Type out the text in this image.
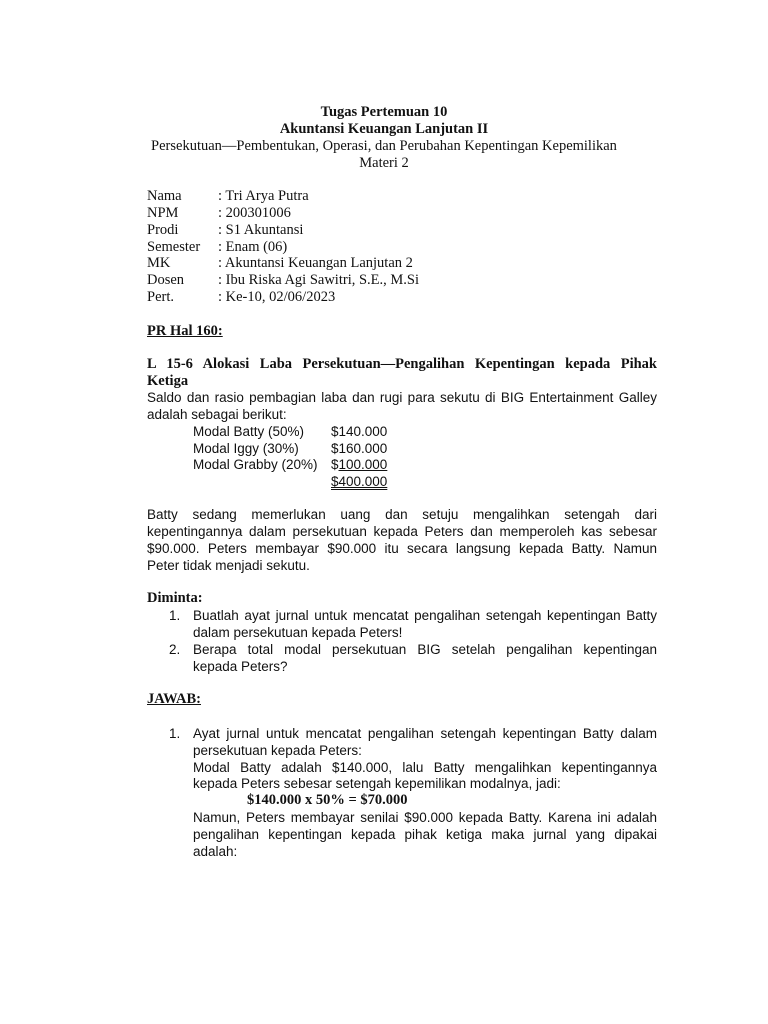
Tugas Pertemuan 10
Akuntansi Keuangan Lanjutan II
Persekutuan—Pembentukan, Operasi, dan Perubahan Kepentingan Kepemilikan
Materi 2
Nama	: Tri Arya Putra
NPM	: 200301006
Prodi	: S1 Akuntansi
Semester : Enam (06)
MK	: Akuntansi Keuangan Lanjutan 2
Dosen : Ibu Riska Agi Sawitri, S.E., M.Si
Pert.	: Ke-10, 02/06/2023
PR Hal 160:
L 15-6 Alokasi Laba Persekutuan—Pengalihan Kepentingan kepada Pihak
Ketiga
Saldo dan rasio pembagian laba dan rugi para sekutu di BIG Entertainment Galley
adalah sebagai berikut:
Modal Batty (50%) $140.000
Modal Iggy (30%) $160.000
Modal Grabby (20%) $100.000
$400.000
Batty sedang memerlukan uang dan setuju mengalihkan setengah dari
kepentingannya dalam persekutuan kepada Peters dan memperoleh kas sebesar
$90.000. Peters membayar $90.000 itu secara langsung kepada Batty. Namun
Peter tidak menjadi sekutu.
Diminta:
1. Buatlah ayat jurnal untuk mencatat pengalihan setengah kepentingan Batty
dalam persekutuan kepada Peters!
2. Berapa total modal persekutuan BIG setelah pengalihan kepentingan
kepada Peters?
JAWAB:
1. Ayat jurnal untuk mencatat pengalihan setengah kepentingan Batty dalam
persekutuan kepada Peters:
Modal Batty adalah $140.000, lalu Batty mengalihkan kepentingannya
kepada Peters sebesar setengah kepemilikan modalnya, jadi:
$140.000 x 50% = $70.000
Namun, Peters membayar senilai $90.000 kepada Batty. Karena ini adalah
pengalihan kepentingan kepada pihak ketiga maka jurnal yang dipakai
adalah:
